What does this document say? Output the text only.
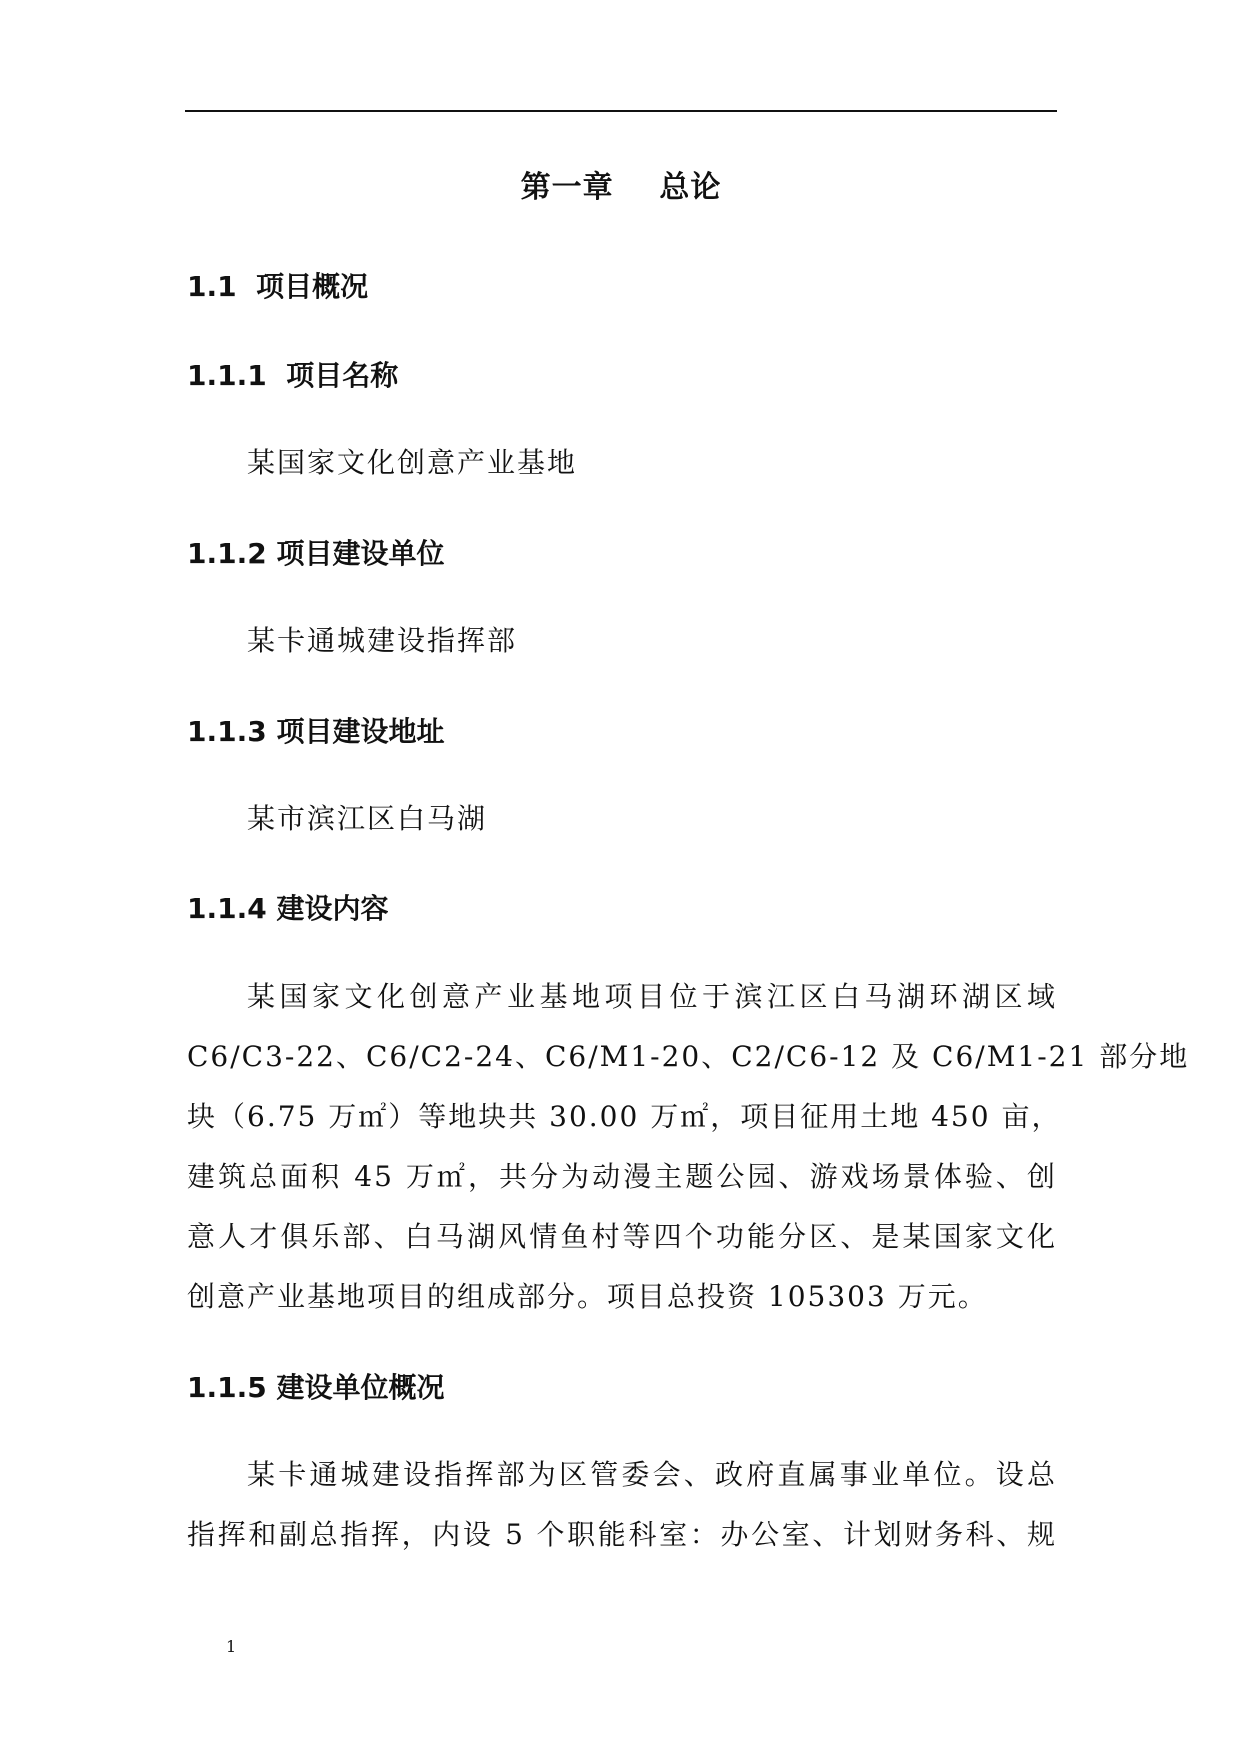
第一章    总论
1.1  项目概况
1.1.1  项目名称
某国家文化创意产业基地
1.1.2 项目建设单位
某卡通城建设指挥部
1.1.3 项目建设地址
某市滨江区白马湖
1.1.4 建设内容
某国家文化创意产业基地项目位于滨江区白马湖环湖区域
C6/C3-22、C6/C2-24、C6/M1-20、C2/C6-12 及 C6/M1-21 部分地
块（6.75 万㎡）等地块共 30.00 万㎡，项目征用土地 450 亩，
建筑总面积 45 万㎡，共分为动漫主题公园、游戏场景体验、创
意人才俱乐部、白马湖风情鱼村等四个功能分区、是某国家文化
创意产业基地项目的组成部分。项目总投资 105303 万元。
1.1.5 建设单位概况
某卡通城建设指挥部为区管委会、政府直属事业单位。设总
指挥和副总指挥，内设 5 个职能科室：办公室、计划财务科、规
1
